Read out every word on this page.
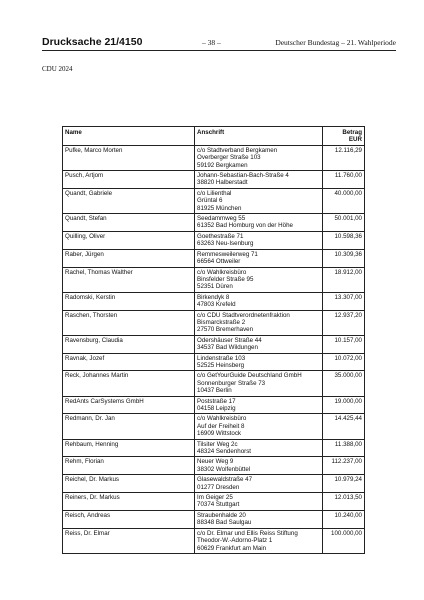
Drucksache 21/4150	– 38 –	Deutscher Bundestag – 21. Wahlperiode
CDU 2024
Name	Anschrift	Betrag
EUR

Pufke, Marco Morten	c/o Stadtverband Bergkamen
Overberger Straße 103
59192 Bergkamen	12.116,29
Pusch, Artjom	Johann-Sebastian-Bach-Straße 4
38820 Halberstadt	11.760,00
Quandt, Gabriele	c/o Lilienthal
Grüntal 6
81925 München	40.000,00
Quandt, Stefan	Seedammweg 55
61352 Bad Homburg von der Höhe	50.001,00
Quilling, Oliver	Goethestraße 71
63263 Neu-Isenburg	10.598,36
Raber, Jürgen	Remmesweilerweg 71
66564 Ottweiler	10.309,36
Rachel, Thomas Walther	c/o Wahlkreisbüro
Binsfelder Straße 95
52351 Düren	18.912,00
Radomski, Kerstin	Birkendyk 8
47803 Krefeld	13.307,00
Raschen, Thorsten	c/o CDU Stadtverordnetenfraktion
Bismarckstraße 2
27570 Bremerhaven	12.937,20
Ravensburg, Claudia	Odershäuser Straße 44
34537 Bad Wildungen	10.157,00
Ravnak, Jozef	Lindenstraße 103
52525 Heinsberg	10.072,00
Reck, Johannes Martin	c/o GetYourGuide Deutschland GmbH
Sonnenburger Straße 73
10437 Berlin	35.000,00
RedAnts CarSystems GmbH	Poststraße 17
04158 Leipzig	19.000,00
Redmann, Dr. Jan	c/o Wahlkreisbüro
Auf der Freiheit 8
16909 Wittstock	14.425,44
Rehbaum, Henning	Tilsiter Weg 2c
48324 Sendenhorst	11.388,00
Rehm, Florian	Neuer Weg 9
38302 Wolfenbüttel	112.237,00
Reichel, Dr. Markus	Glasewaldstraße 47
01277 Dresden	10.979,24
Reiners, Dr. Markus	Im Geiger 25
70374 Stuttgart	12.013,50
Reisch, Andreas	Straubenhalde 20
88348 Bad Saulgau	10.240,00
Reiss, Dr. Elmar	c/o Dr. Elmar und Ellis Reiss Stiftung
Theodor-W.-Adorno-Platz 1
60629 Frankfurt am Main	100.000,00
